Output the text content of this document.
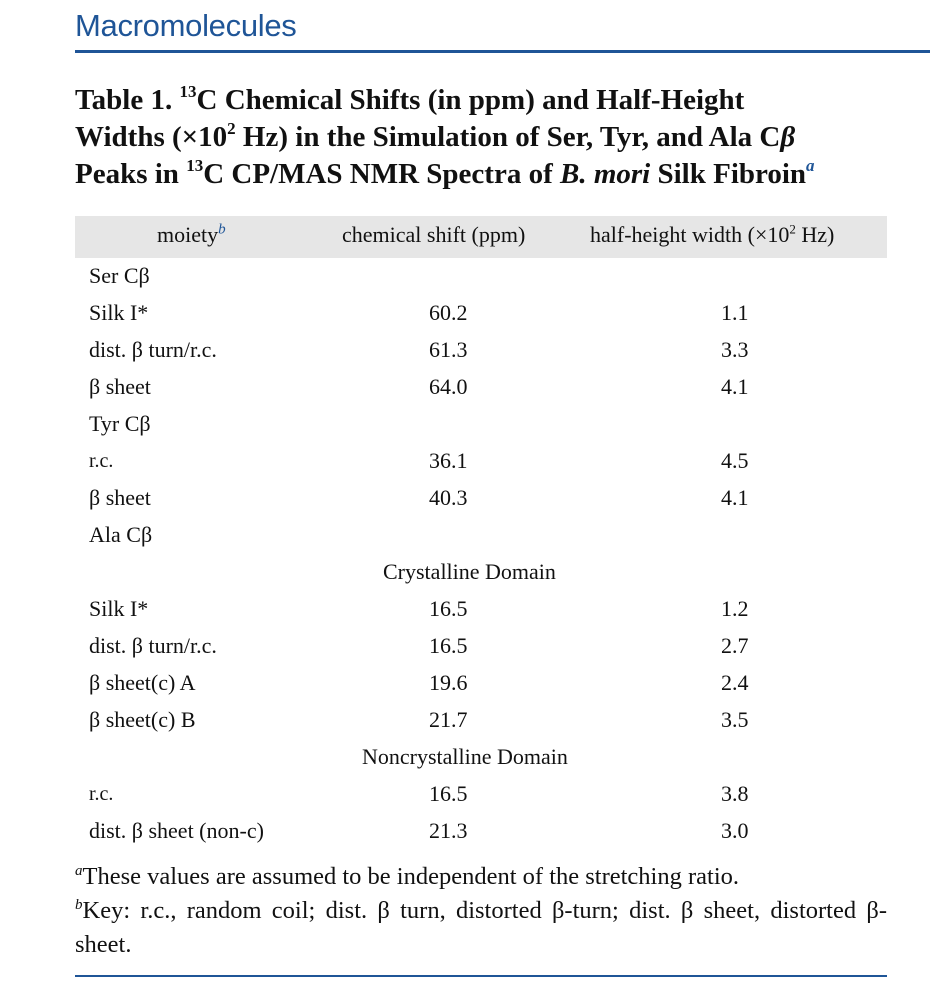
Macromolecules
Table 1. $^{13}$C Chemical Shifts (in ppm) and Half-Height
Widths ($\times 10^2$ Hz) in the Simulation of Ser, Tyr, and Ala Cβ
Peaks in $^{13}$C CP/MAS NMR Spectra of B. mori Silk Fibroin$^a$
moiety$^b$	chemical shift (ppm)	half-height width ($\times 10^2$ Hz)
Ser Cβ
Silk I*	60.2	1.1
dist. β turn/r.c.	61.3	3.3
β sheet	64.0	4.1
Tyr Cβ
r.c.	36.1	4.5
β sheet	40.3	4.1
Ala Cβ
Crystalline Domain
Silk I*	16.5	1.2
dist. β turn/r.c.	16.5	2.7
β sheet(c) A	19.6	2.4
β sheet(c) B	21.7	3.5
Noncrystalline Domain
r.c.	16.5	3.8
dist. β sheet (non-c)	21.3	3.0
$^a$These values are assumed to be independent of the stretching ratio.
$^b$Key: r.c., random coil; dist. β turn, distorted β-turn; dist. β sheet, distorted β-sheet.
